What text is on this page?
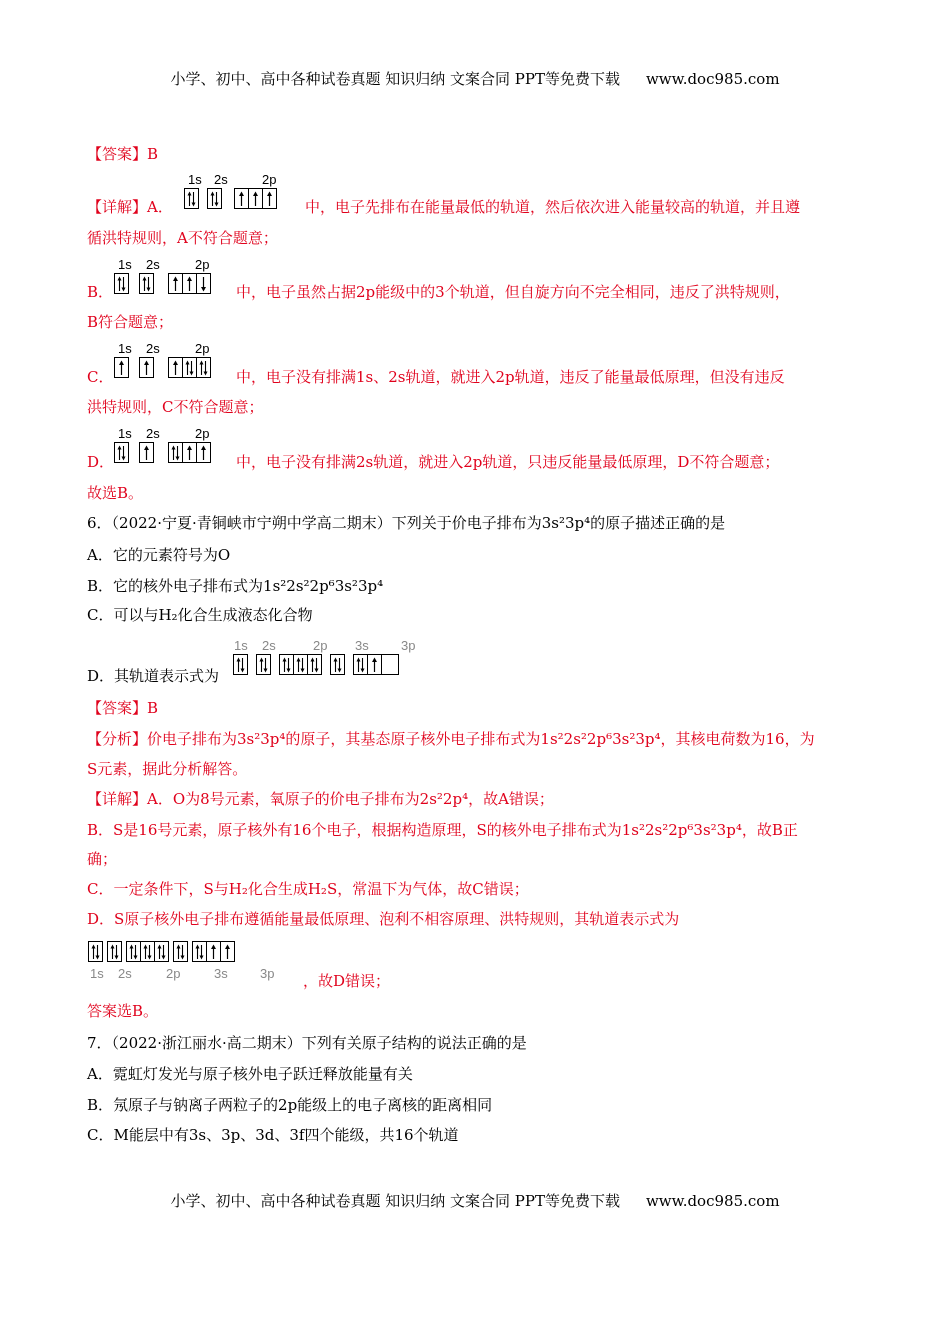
小学、初中、高中各种试卷真题 知识归纳 文案合同 PPT等免费下载 www.doc985.com
【答案】B
1s 2s	2p
【详解】A．	中，电子先排布在能量最低的轨道，然后依次进入能量较高的轨道，并且遵
循洪特规则，A不符合题意；
1s 2s	2p
B．	中，电子虽然占据2p能级中的3个轨道，但自旋方向不完全相同，违反了洪特规则，
B符合题意；
1s 2s	2p
C．	中，电子没有排满1s、2s轨道，就进入2p轨道，违反了能量最低原理，但没有违反
洪特规则，C不符合题意；
1s 2s	2p
D．	中，电子没有排满2s轨道，就进入2p轨道，只违反能量最低原理，D不符合题意；
故选B。
6．（2022·宁夏·青铜峡市宁朔中学高二期末）下列关于价电子排布为3s²3p⁴的原子描述正确的是
A．它的元素符号为O
B．它的核外电子排布式为1s²2s²2p⁶3s²3p⁴
C．可以与H₂化合生成液态化合物
1s 2s	2p 3s 3p
D．其轨道表示式为
【答案】B
【分析】价电子排布为3s²3p⁴的原子，其基态原子核外电子排布式为1s²2s²2p⁶3s²3p⁴，其核电荷数为16，为
S元素，据此分析解答。
【详解】A．O为8号元素，氧原子的价电子排布为2s²2p⁴，故A错误；
B．S是16号元素，原子核外有16个电子，根据构造原理，S的核外电子排布式为1s²2s²2p⁶3s²3p⁴，故B正
确；
C．一定条件下，S与H₂化合生成H₂S，常温下为气体，故C错误；
D．S原子核外电子排布遵循能量最低原理、泡利不相容原理、洪特规则，其轨道表示式为
1s 2s	2p	3s 3p ，故D错误；
答案选B。
7．（2022·浙江丽水·高二期末）下列有关原子结构的说法正确的是
A．霓虹灯发光与原子核外电子跃迁释放能量有关
B．氖原子与钠离子两粒子的2p能级上的电子离核的距离相同
C．M能层中有3s、3p、3d、3f四个能级，共16个轨道
小学、初中、高中各种试卷真题 知识归纳 文案合同 PPT等免费下载 www.doc985.com
